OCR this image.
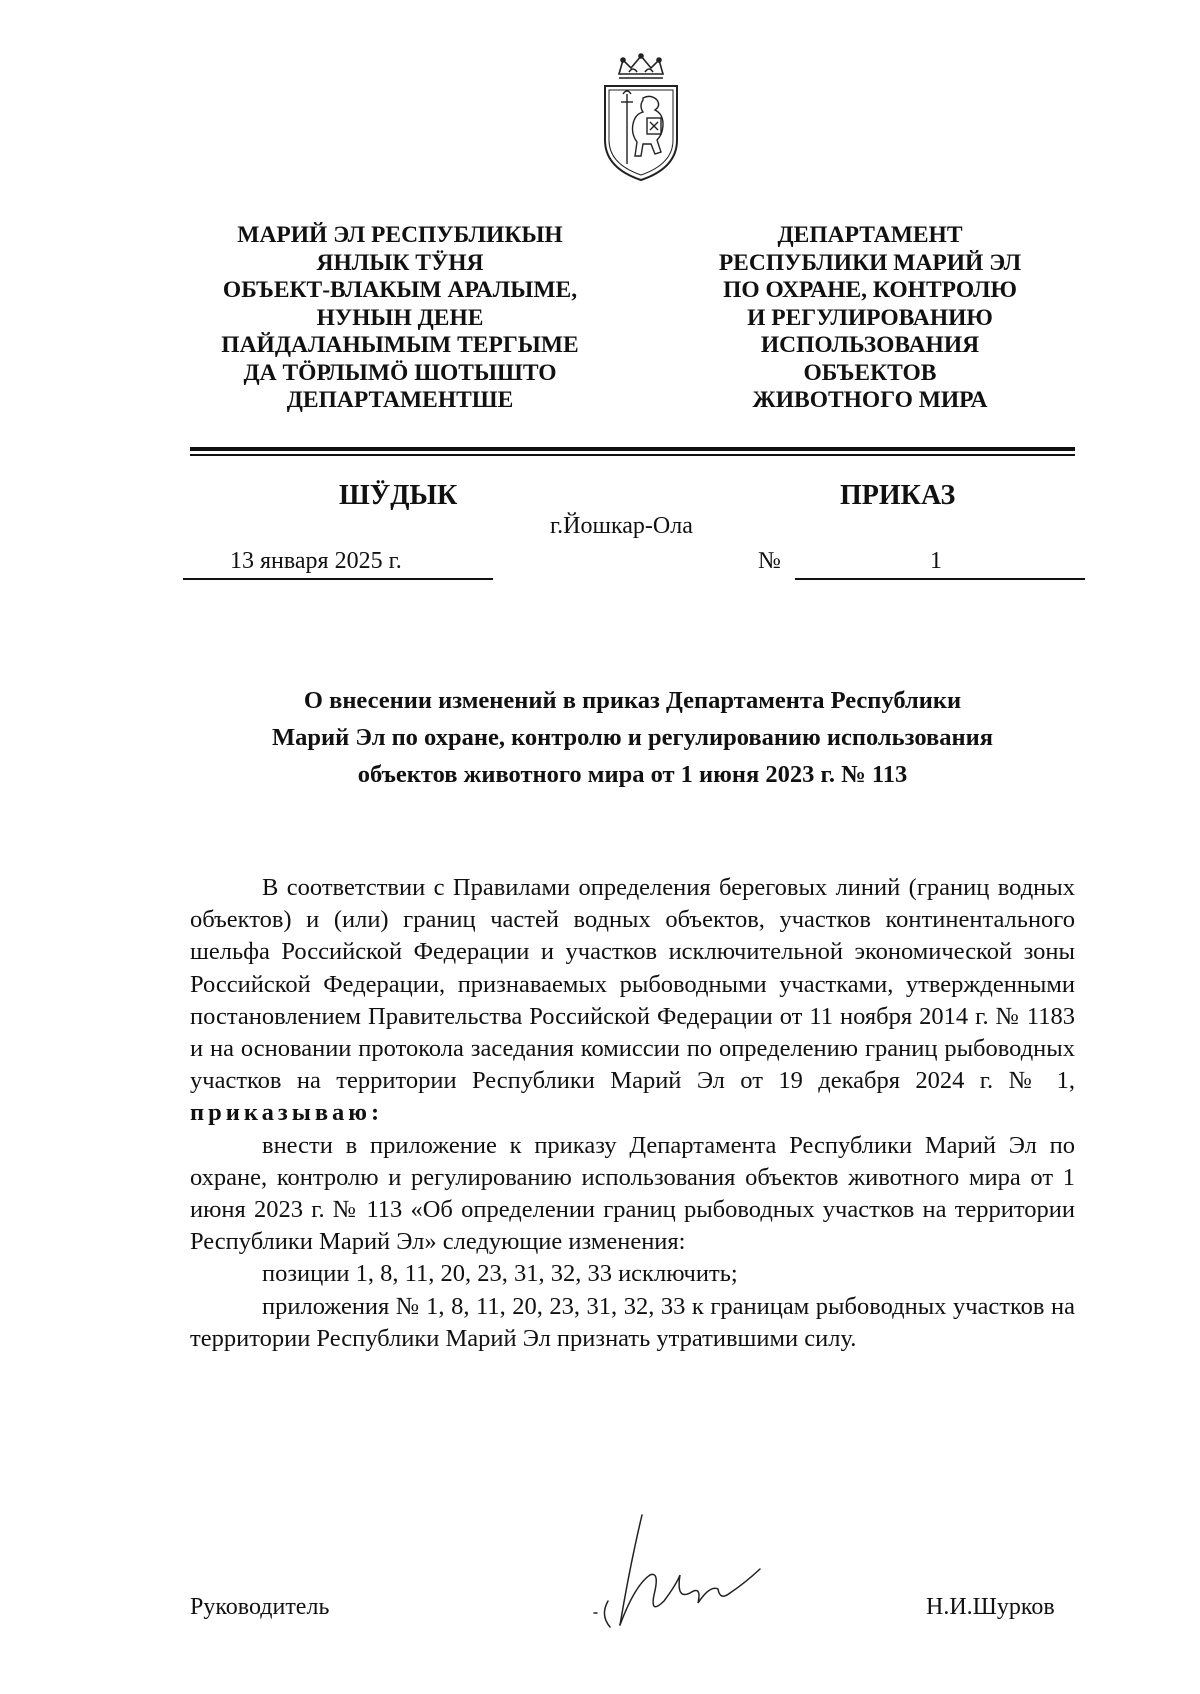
МАРИЙ ЭЛ РЕСПУБЛИКЫН
ЯНЛЫК ТӰНЯ
ОБЪЕКТ-ВЛАКЫМ АРАЛЫМЕ,
НУНЫН ДЕНЕ
ПАЙДАЛАНЫМЫМ ТЕРГЫМЕ
ДА ТӦРЛЫМӦ ШОТЫШТО
ДЕПАРТАМЕНТШЕ
ДЕПАРТАМЕНТ
РЕСПУБЛИКИ МАРИЙ ЭЛ
ПО ОХРАНЕ, КОНТРОЛЮ
И РЕГУЛИРОВАНИЮ
ИСПОЛЬЗОВАНИЯ
ОБЪЕКТОВ
ЖИВОТНОГО МИРА
ШӰДЫК	ПРИКАЗ
г.Йошкар-Ола
13 января 2025 г.	№	1
О внесении изменений в приказ Департамента Республики
Марий Эл по охране, контролю и регулированию использования
объектов животного мира от 1 июня 2023 г. № 113

В соответствии с Правилами определения береговых линий (границ водных объектов) и (или) границ частей водных объектов, участков континентального шельфа Российской Федерации и участков исключительной экономической зоны Российской Федерации, признаваемых рыбоводными участками, утвержденными постановлением Правительства Российской Федерации от 11 ноября 2014 г. № 1183 и на основании протокола заседания комиссии по определению границ рыбоводных участков на территории Республики Марий Эл от 19 декабря 2024 г. № 1, приказываю:

внести в приложение к приказу Департамента Республики Марий Эл по охране, контролю и регулированию использования объектов животного мира от 1 июня 2023 г. № 113 «Об определении границ рыбоводных участков на территории Республики Марий Эл» следующие изменения:

позиции 1, 8, 11, 20, 23, 31, 32, 33 исключить;

приложения № 1, 8, 11, 20, 23, 31, 32, 33 к границам рыбоводных участков на территории Республики Марий Эл признать утратившими силу.

Руководитель	Н.И.Шурков
